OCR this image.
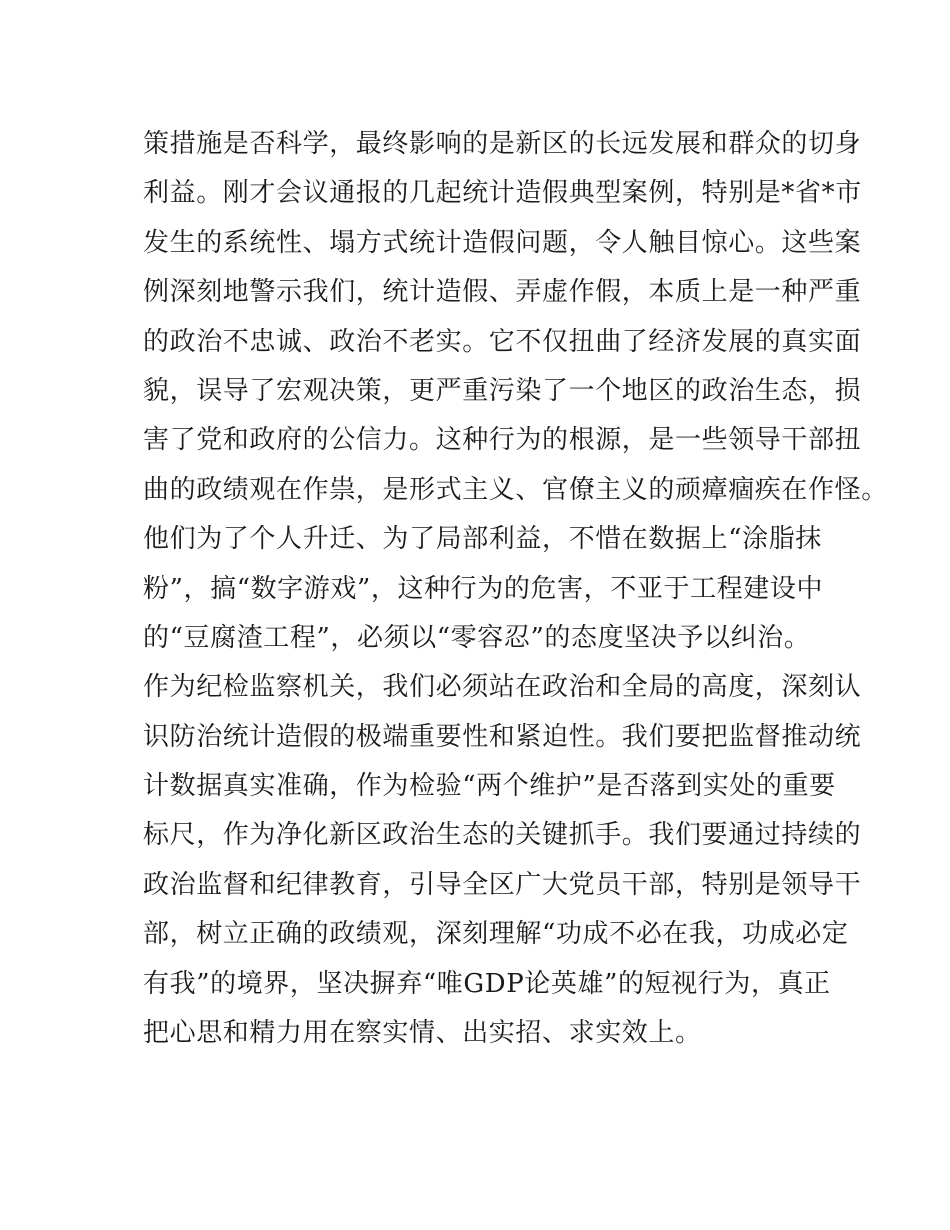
策措施是否科学，最终影响的是新区的长远发展和群众的切身
利益。刚才会议通报的几起统计造假典型案例，特别是*省*市
发生的系统性、塌方式统计造假问题，令人触目惊心。这些案
例深刻地警示我们，统计造假、弄虚作假，本质上是一种严重
的政治不忠诚、政治不老实。它不仅扭曲了经济发展的真实面
貌，误导了宏观决策，更严重污染了一个地区的政治生态，损
害了党和政府的公信力。这种行为的根源，是一些领导干部扭
曲的政绩观在作祟，是形式主义、官僚主义的顽瘴痼疾在作怪。
他们为了个人升迁、为了局部利益，不惜在数据上“涂脂抹
粉”，搞“数字游戏”，这种行为的危害，不亚于工程建设中
的“豆腐渣工程”，必须以“零容忍”的态度坚决予以纠治。
作为纪检监察机关，我们必须站在政治和全局的高度，深刻认
识防治统计造假的极端重要性和紧迫性。我们要把监督推动统
计数据真实准确，作为检验“两个维护”是否落到实处的重要
标尺，作为净化新区政治生态的关键抓手。我们要通过持续的
政治监督和纪律教育，引导全区广大党员干部，特别是领导干
部，树立正确的政绩观，深刻理解“功成不必在我，功成必定
有我”的境界，坚决摒弃“唯GDP论英雄”的短视行为，真正
把心思和精力用在察实情、出实招、求实效上。
